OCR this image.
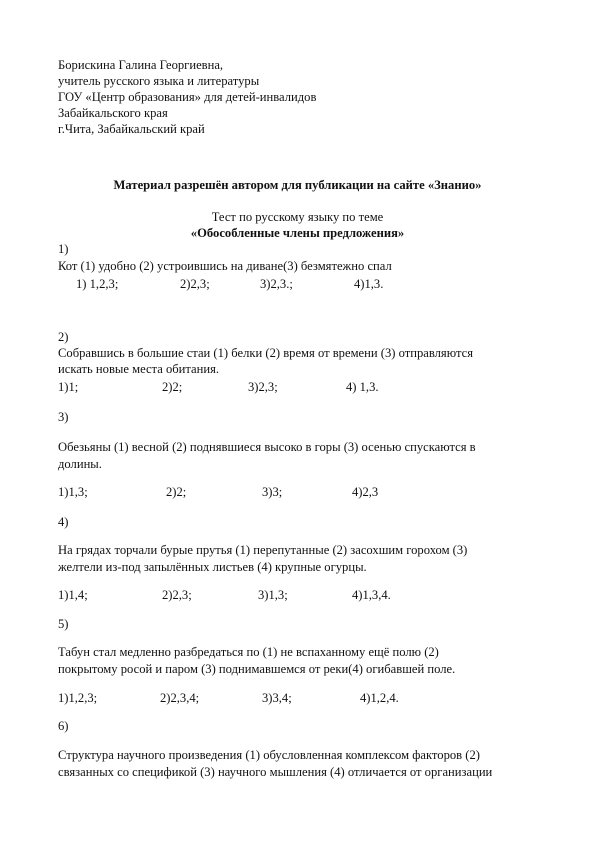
Борискина Галина Георгиевна,
учитель русского языка и литературы
ГОУ «Центр образования» для детей-инвалидов
Забайкальского края
г.Чита, Забайкальский край
Материал разрешён автором для публикации на сайте «Знанио»
Тест по русскому языку по теме
«Обособленные члены предложения»
1)
Кот (1) удобно (2) устроившись на диване(3) безмятежно спал
1) 1,2,3;	2)2,3;	3)2,3.;	4)1,3.
2)
Собравшись в большие стаи (1) белки (2) время от времени (3) отправляются
искать новые места обитания.
1)1;	2)2;	3)2,3;	4) 1,3.
3)
Обезьяны (1) весной (2) поднявшиеся высоко в горы (3) осенью спускаются в
долины.
1)1,3;	2)2;	3)3;	4)2,3
4)
На грядах торчали бурые прутья (1) перепутанные (2) засохшим горохом (3)
желтели из-под запылённых листьев (4) крупные огурцы.
1)1,4;	2)2,3;	3)1,3;	4)1,3,4.
5)
Табун стал медленно разбредаться по (1) не вспаханному ещё полю (2)
покрытому росой и паром (3) поднимавшемся от реки(4) огибавшей поле.
1)1,2,3;	2)2,3,4;	3)3,4;	4)1,2,4.
6)
Структура научного произведения (1) обусловленная комплексом факторов (2)
связанных со спецификой (3) научного мышления (4) отличается от организации
